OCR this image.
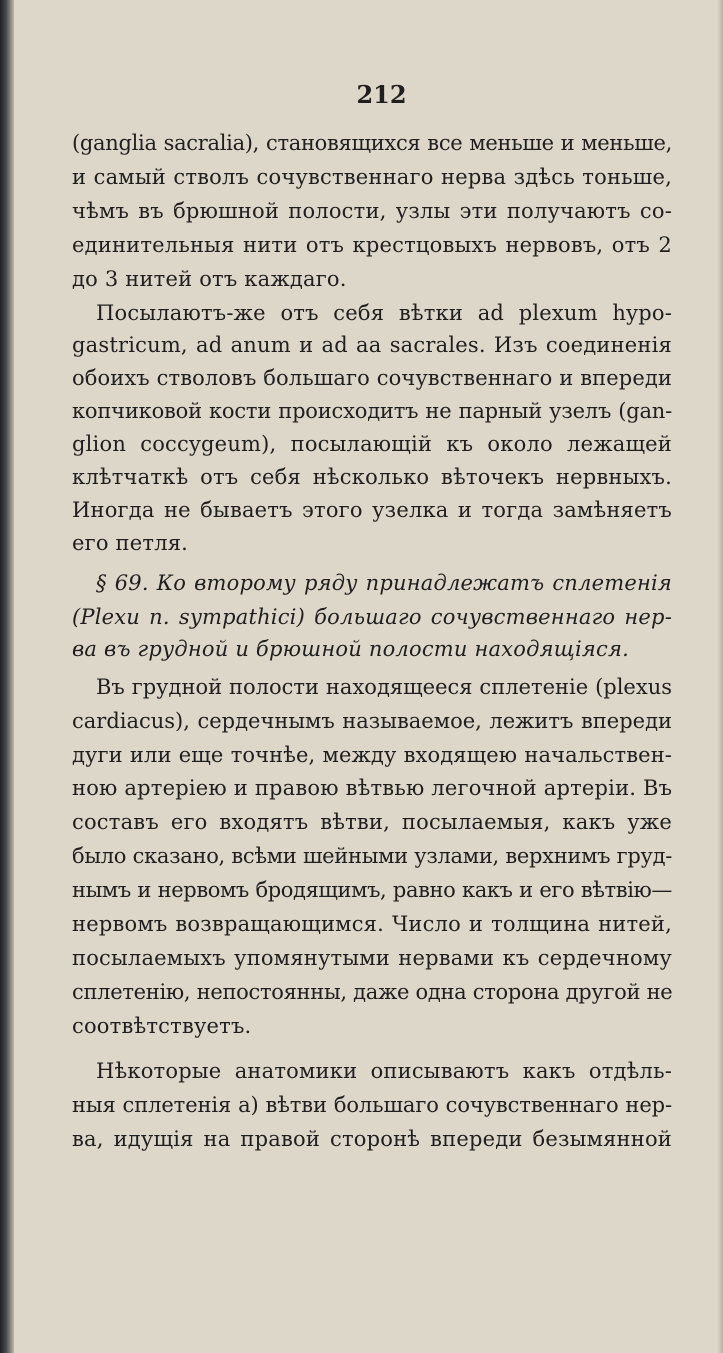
212
(gangliа sacralia), становящихся все меньше и меньше,
и самый стволъ сочувственнаго нерва здѣсь тоньше,
чѣмъ въ брюшной полости, узлы эти получаютъ со-
единительныя нити отъ крестцовыхъ нервовъ, отъ 2
до 3 нитей отъ каждаго.
Посылаютъ-же отъ себя вѣтки ad plexum hypo-
gastricum, ad anum и ad aa sacrales. Изъ соединенія
обоихъ стволовъ большаго сочувственнаго и впереди
копчиковой кости происходитъ не парный узелъ (gan-
glion coccygeum), посылающій къ около лежащей
клѣтчаткѣ отъ себя нѣсколько вѣточекъ нервныхъ.
Иногда не бываетъ этого узелка и тогда замѣняетъ
его петля.
§ 69. Ко второму ряду принадлежатъ сплетенія
(Plexu n. sympathici) большаго сочувственнаго нер-
ва въ грудной и брюшной полости находящіяся.
Въ грудной полости находящееся сплетеніе (plexus
cardiacus), сердечнымъ называемое, лежитъ впереди
дуги или еще точнѣе, между входящею начальствен-
ною артеріею и правою вѣтвью легочной артеріи. Въ
составъ его входятъ вѣтви, посылаемыя, какъ уже
было сказано, всѣми шейными узлами, верхнимъ груд-
нымъ и нервомъ бродящимъ, равно какъ и его вѣтвію—
нервомъ возвращающимся. Число и толщина нитей,
посылаемыхъ упомянутыми нервами къ сердечному
сплетенію, непостоянны, даже одна сторона другой не
соотвѣтствуетъ.
Нѣкоторые анатомики описываютъ какъ отдѣль-
ныя сплетенія а) вѣтви большаго сочувственнаго нер-
ва, идущія на правой сторонѣ впереди безымянной
